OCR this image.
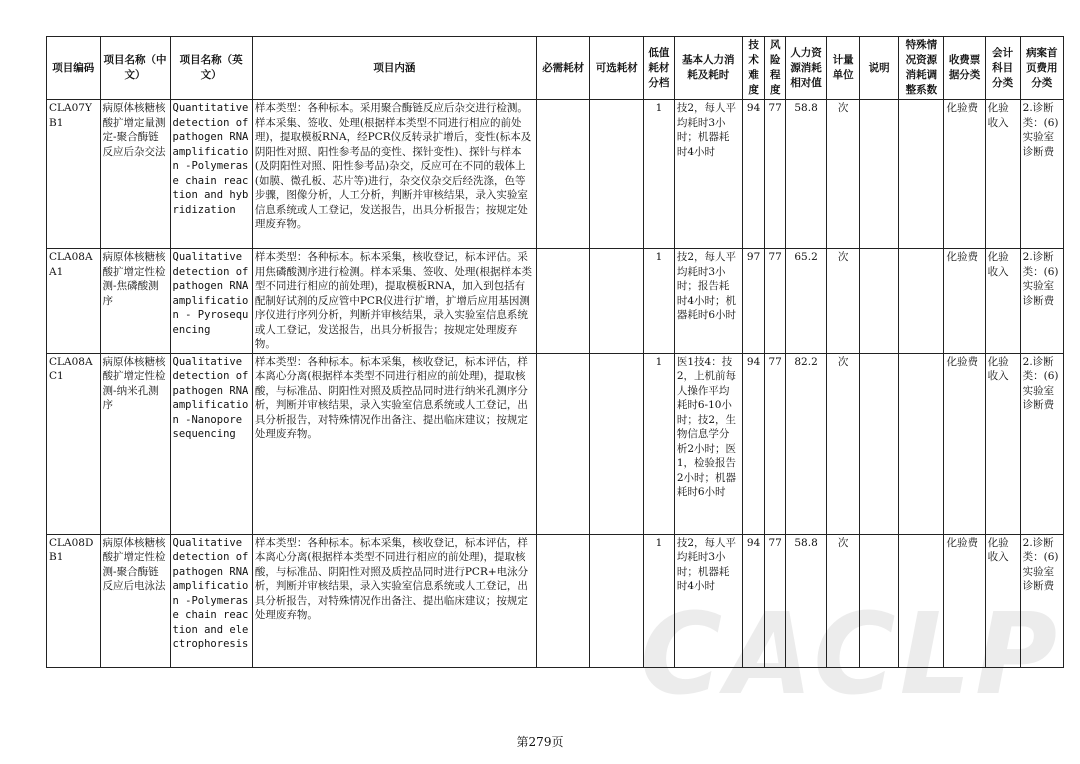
CACLP
项目编码	项目名称（中文）	项目名称（英文）	项目内涵	必需耗材	可选耗材	低值耗材分档	基本人力消耗及耗时	技术难度	风险程度	人力资源消耗相对值	计量单位	说明	特殊情况资源消耗调整系数	收费票据分类	会计科目分类	病案首页费用分类
CLA07YB1	病原体核糖核酸扩增定量测定-聚合酶链反应后杂交法	Quantitative detection of pathogen RNA amplification -Polymerase chain reaction and hybridization	样本类型：各种标本。采用聚合酶链反应后杂交进行检测。样本采集、签收、处理(根据样本类型不同进行相应的前处理)，提取模板RNA，经PCR仪反转录扩增后，变性(标本及阴阳性对照、阳性参考品的变性、探针变性)、探针与样本(及阴阳性对照、阳性参考品)杂交，反应可在不同的载体上(如膜、微孔板、芯片等)进行，杂交仪杂交后经洗涤，色等步骤，图像分析，人工分析，判断并审核结果，录入实验室信息系统或人工登记，发送报告，出具分析报告；按规定处理废弃物。			1	技2，每人平均耗时3小时；机器耗时4小时	94	77	58.8	次			化验费	化验收入	2.诊断类：(6)实验室诊断费
CLA08AA1	病原体核糖核酸扩增定性检测-焦磷酸测序	Qualitative detection of pathogen RNA amplification - Pyrosequencing	样本类型：各种标本。标本采集，核收登记，标本评估。采用焦磷酸测序进行检测。样本采集、签收、处理(根据样本类型不同进行相应的前处理)，提取模板RNA，加入到包括有配制好试剂的反应管中PCR仪进行扩增，扩增后应用基因测序仪进行序列分析，判断并审核结果，录入实验室信息系统或人工登记，发送报告，出具分析报告；按规定处理废弃物。			1	技2，每人平均耗时3小时；报告耗时4小时；机器耗时6小时	97	77	65.2	次			化验费	化验收入	2.诊断类：(6)实验室诊断费
CLA08AC1	病原体核糖核酸扩增定性检测-纳米孔测序	Qualitative detection of pathogen RNA amplification -Nanopore sequencing	样本类型：各种标本。标本采集，核收登记，标本评估，样本离心分离(根据样本类型不同进行相应的前处理)，提取核酸，与标准品、阴阳性对照及质控品同时进行纳米孔测序分析，判断并审核结果，录入实验室信息系统或人工登记，出具分析报告，对特殊情况作出备注、提出临床建议；按规定处理废弃物。			1	医1技4：技2，上机前每人操作平均耗时6-10小时；技2，生物信息学分析2小时；医1，检验报告2小时；机器耗时6小时	94	77	82.2	次			化验费	化验收入	2.诊断类：(6)实验室诊断费
CLA08DB1	病原体核糖核酸扩增定性检测-聚合酶链反应后电泳法	Qualitative detection of pathogen RNA amplification -Polymerase chain reaction and electrophoresis	样本类型：各种标本。标本采集，核收登记，标本评估，样本离心分离(根据样本类型不同进行相应的前处理)，提取核酸，与标准品、阴阳性对照及质控品同时进行PCR+电泳分析，判断并审核结果，录入实验室信息系统或人工登记，出具分析报告，对特殊情况作出备注、提出临床建议；按规定处理废弃物。			1	技2，每人平均耗时3小时；机器耗时4小时	94	77	58.8	次			化验费	化验收入	2.诊断类：(6)实验室诊断费
第279页
